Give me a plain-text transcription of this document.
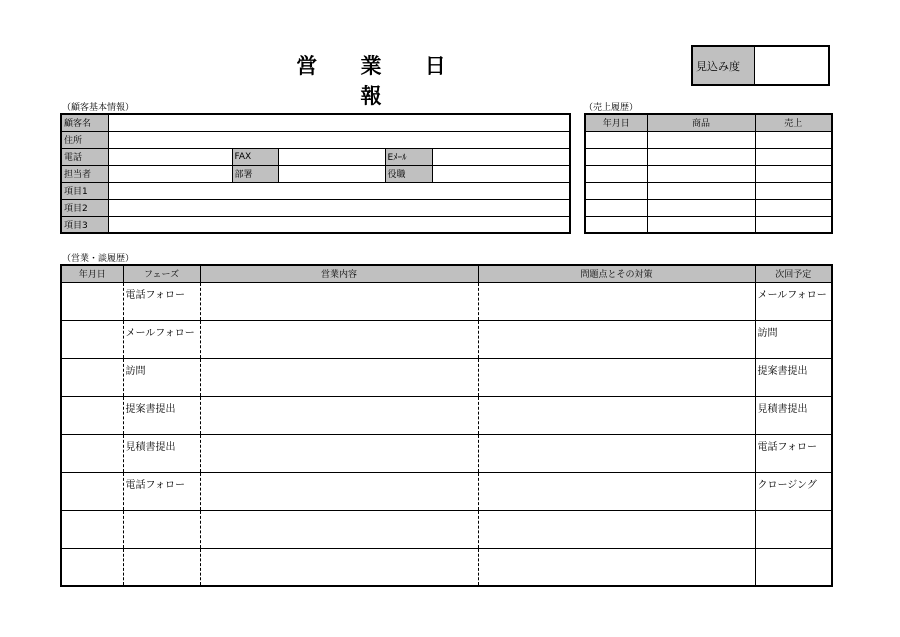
営 業 日 報
見込み度
（顧客基本情報）	（売上履歴）
（営業・談履歴）
顧客名					
住所					
電話		FAX		Eﾒｰﾙ	
担当者		部署		役職	
項目1					
項目2					
項目3					
年月日	商品	売上

年月日	フェーズ	営業内容	問題点とその対策	次回予定
	電話フォロー			メールフォロー
	メールフォロー			訪問
	訪問			提案書提出
	提案書提出			見積書提出
	見積書提出			電話フォロー
	電話フォロー			クロージング
